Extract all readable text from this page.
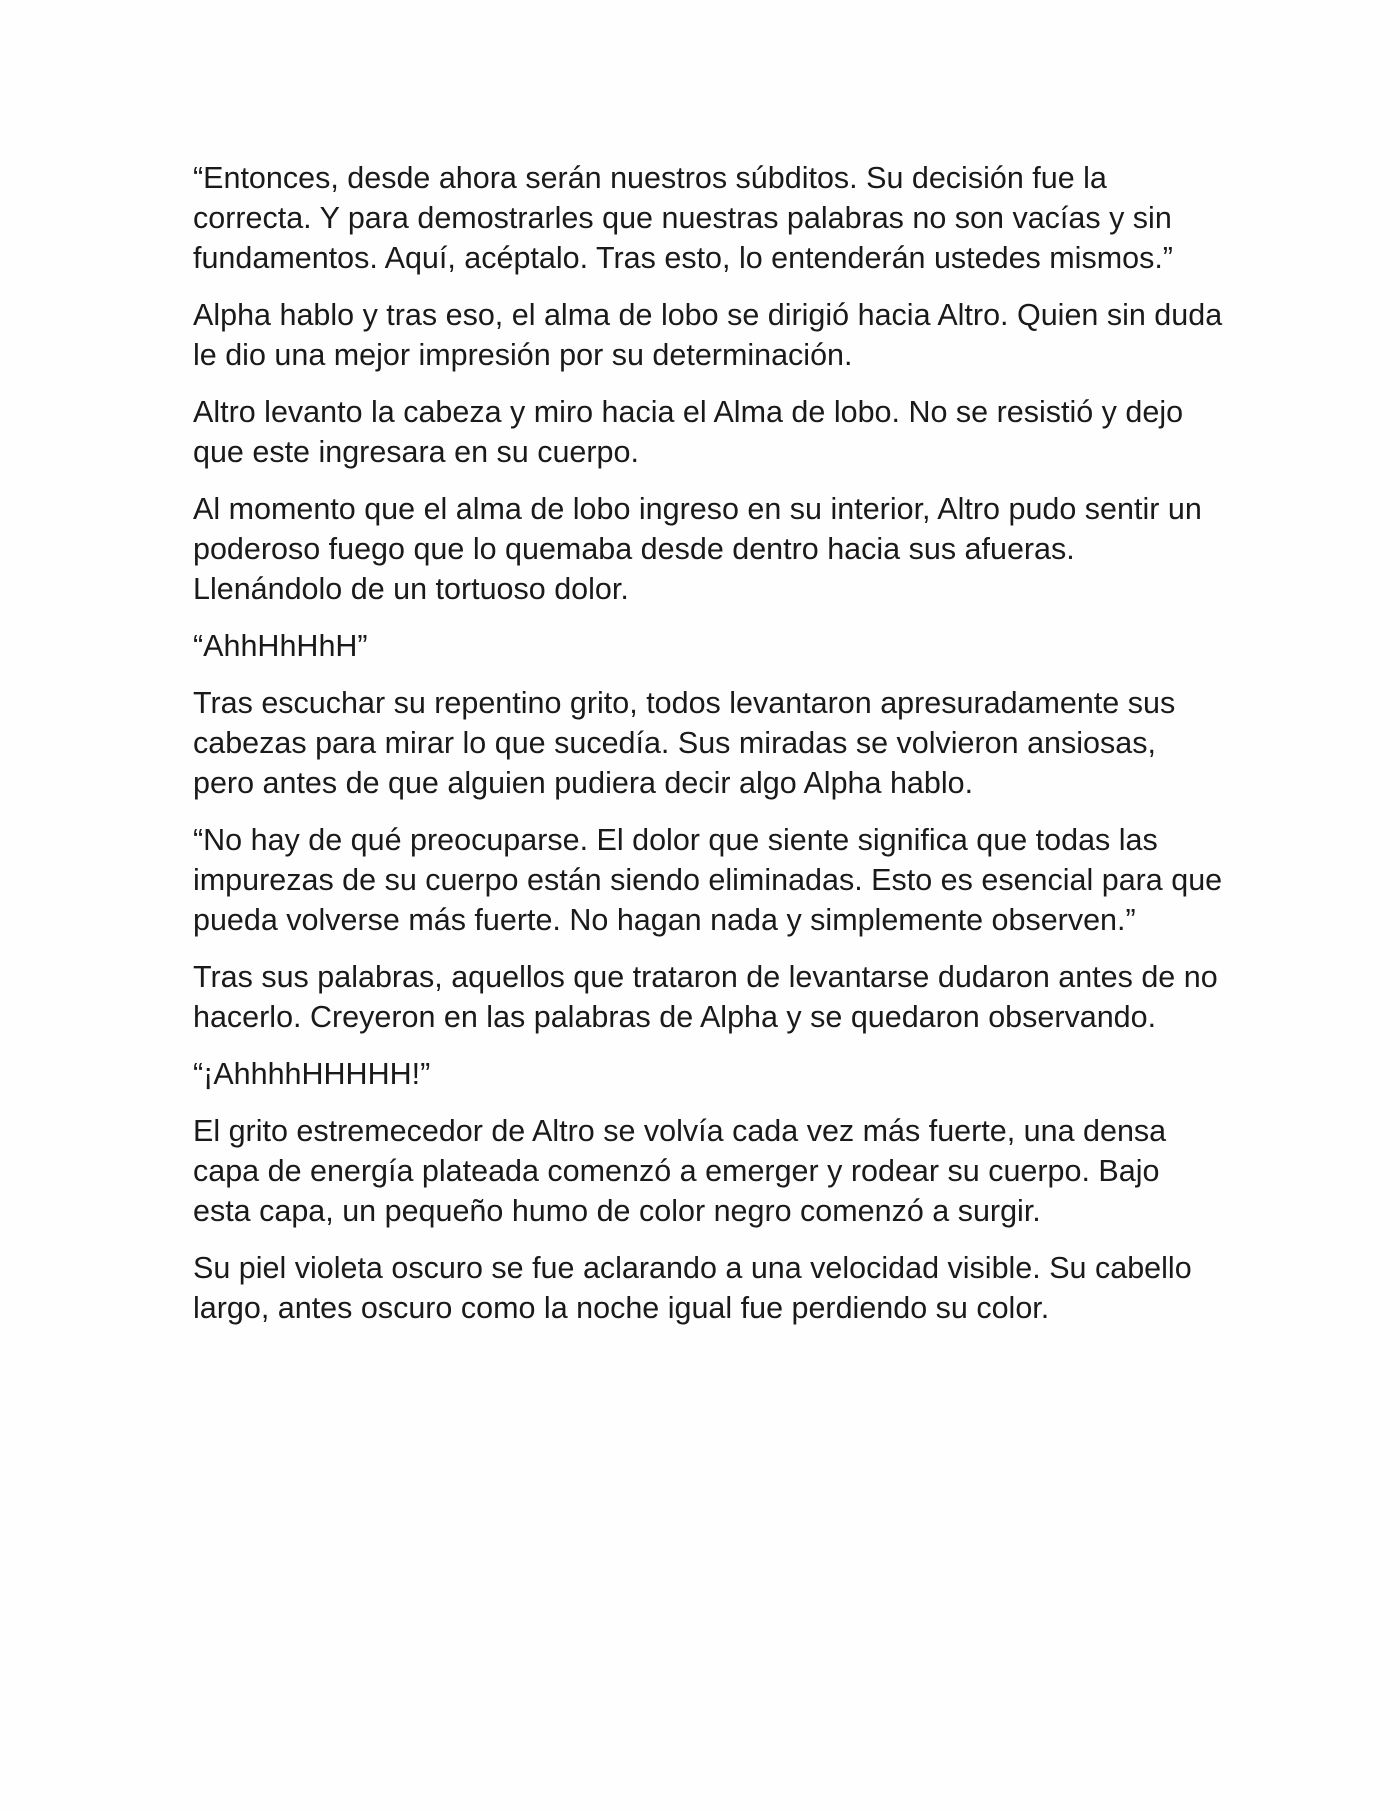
“Entonces, desde ahora serán nuestros súbditos. Su decisión fue la correcta. Y para demostrarles que nuestras palabras no son vacías y sin fundamentos. Aquí, acéptalo. Tras esto, lo entenderán ustedes mismos.”

Alpha hablo y tras eso, el alma de lobo se dirigió hacia Altro. Quien sin duda le dio una mejor impresión por su determinación.

Altro levanto la cabeza y miro hacia el Alma de lobo. No se resistió y dejo que este ingresara en su cuerpo.

Al momento que el alma de lobo ingreso en su interior, Altro pudo sentir un poderoso fuego que lo quemaba desde dentro hacia sus afueras. Llenándolo de un tortuoso dolor.

“AhhHhHhH”

Tras escuchar su repentino grito, todos levantaron apresuradamente sus cabezas para mirar lo que sucedía. Sus miradas se volvieron ansiosas, pero antes de que alguien pudiera decir algo Alpha hablo.

“No hay de qué preocuparse. El dolor que siente significa que todas las impurezas de su cuerpo están siendo eliminadas. Esto es esencial para que pueda volverse más fuerte. No hagan nada y simplemente observen.”

Tras sus palabras, aquellos que trataron de levantarse dudaron antes de no hacerlo. Creyeron en las palabras de Alpha y se quedaron observando.

“¡AhhhhHHHHH!”

El grito estremecedor de Altro se volvía cada vez más fuerte, una densa capa de energía plateada comenzó a emerger y rodear su cuerpo. Bajo esta capa, un pequeño humo de color negro comenzó a surgir.

Su piel violeta oscuro se fue aclarando a una velocidad visible. Su cabello largo, antes oscuro como la noche igual fue perdiendo su color.
